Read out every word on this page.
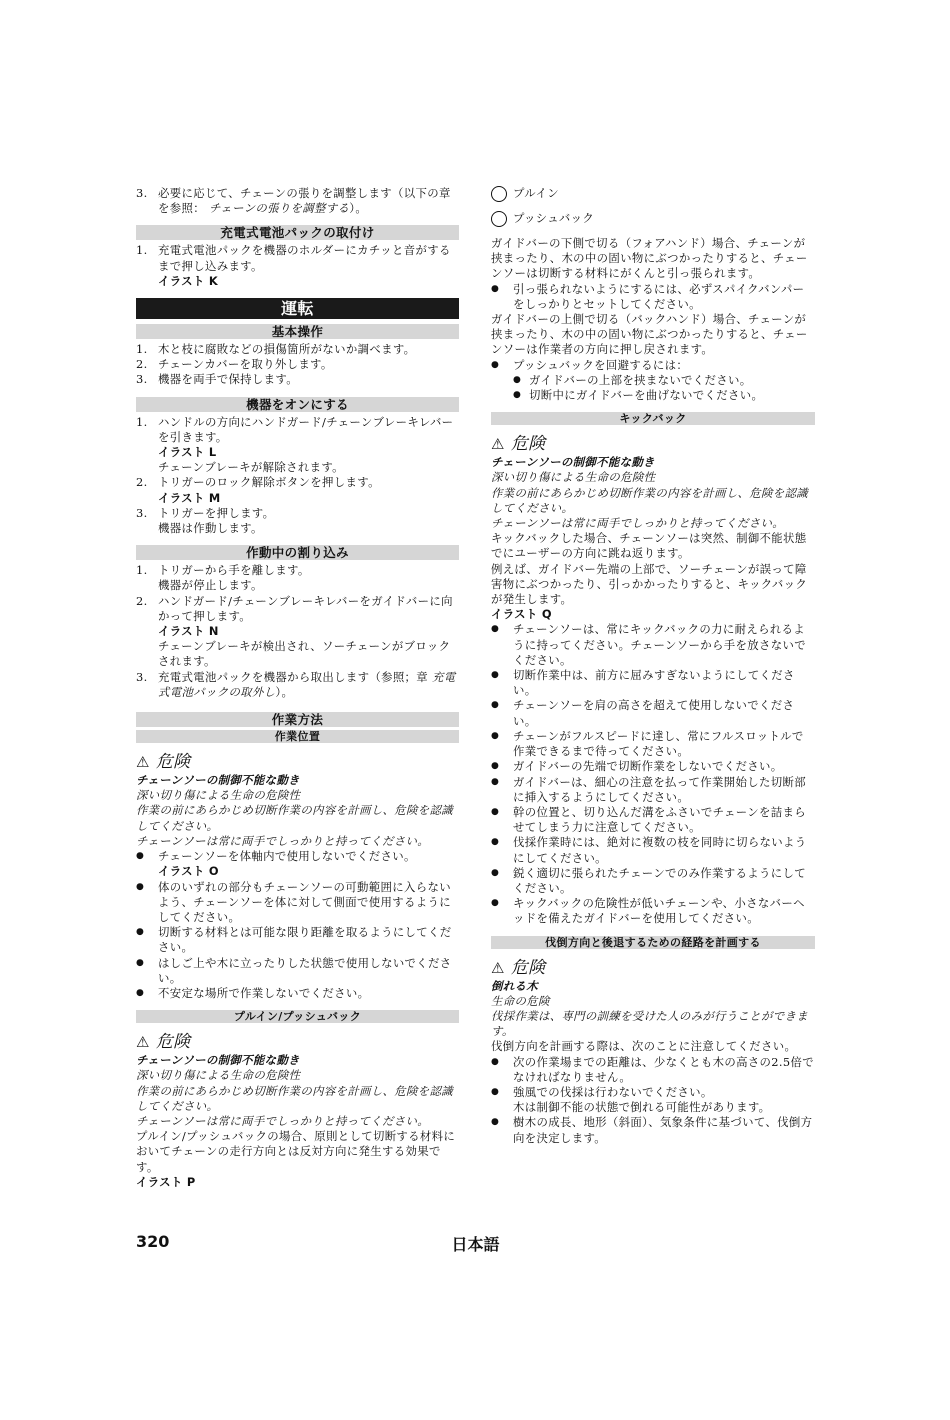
3. 必要に応じて、チェーンの張りを調整します（以下の章を参照： チェーンの張りを調整する）。
充電式電池パックの取付け
1. 充電式電池パックを機器のホルダーにカチッと音がするまで押し込みます。
イラスト K
運転
基本操作
1. 木と枝に腐敗などの損傷箇所がないか調べます。
2. チェーンカバーを取り外します。
3. 機器を両手で保持します。
機器をオンにする
1. ハンドルの方向にハンドガード/チェーンブレーキレバーを引きます。
イラスト L
チェーンブレーキが解除されます。
2. トリガーのロック解除ボタンを押します。
イラスト M
3. トリガーを押します。
機器は作動します。
作動中の割り込み
1. トリガーから手を離します。
機器が停止します。
2. ハンドガード/チェーンブレーキレバーをガイドバーに向かって押します。
イラスト N
チェーンブレーキが検出され、ソーチェーンがブロックされます。
3. 充電式電池パックを機器から取出します（参照；章 充電式電池パックの取外し）。
作業方法
作業位置
⚠ 危険
チェーンソーの制御不能な動き
深い切り傷による生命の危険性
作業の前にあらかじめ切断作業の内容を計画し、危険を認識してください。
チェーンソーは常に両手でしっかりと持ってください。
●	チェーンソーを体軸内で使用しないでください。
イラスト O
●	体のいずれの部分もチェーンソーの可動範囲に入らないよう、チェーンソーを体に対して側面で使用するようにしてください。
●	切断する材料とは可能な限り距離を取るようにしてください。
●	はしご上や木に立ったりした状態で使用しないでください。
●	不安定な場所で作業しないでください。
プルイン/プッシュバック
⚠ 危険
チェーンソーの制御不能な動き
深い切り傷による生命の危険性
作業の前にあらかじめ切断作業の内容を計画し、危険を認識してください。
チェーンソーは常に両手でしっかりと持ってください。
プルイン/プッシュバックの場合、原則として切断する材料においてチェーンの走行方向とは反対方向に発生する効果です。
イラスト P
プルイン
プッシュバック
ガイドバーの下側で切る（フォアハンド）場合、チェーンが挟まったり、木の中の固い物にぶつかったりすると、チェーンソーは切断する材料にがくんと引っ張られます。
●	引っ張られないようにするには、必ずスパイクバンパーをしっかりとセットしてください。
ガイドバーの上側で切る（バックハンド）場合、チェーンが挟まったり、木の中の固い物にぶつかったりすると、チェーンソーは作業者の方向に押し戻されます。
●	プッシュバックを回避するには：
● ガイドバーの上部を挟まないでください。
● 切断中にガイドバーを曲げないでください。
キックバック
⚠ 危険
チェーンソーの制御不能な動き
深い切り傷による生命の危険性
作業の前にあらかじめ切断作業の内容を計画し、危険を認識してください。
チェーンソーは常に両手でしっかりと持ってください。
キックバックした場合、チェーンソーは突然、制御不能状態でにユーザーの方向に跳ね返ります。
例えば、ガイドバー先端の上部で、ソーチェーンが誤って障害物にぶつかったり、引っかかったりすると、キックバックが発生します。
イラスト Q
●	チェーンソーは、常にキックバックの力に耐えられるように持ってください。チェーンソーから手を放さないでください。
●	切断作業中は、前方に屈みすぎないようにしてください。
●	チェーンソーを肩の高さを超えて使用しないでください。
●	チェーンがフルスピードに達し、常にフルスロットルで作業できるまで待ってください。
●	ガイドバーの先端で切断作業をしないでください。
●	ガイドバーは、細心の注意を払って作業開始した切断部に挿入するようにしてください。
●	幹の位置と、切り込んだ溝をふさいでチェーンを詰まらせてしまう力に注意してください。
●	伐採作業時には、絶対に複数の枝を同時に切らないようにしてください。
●	鋭く適切に張られたチェーンでのみ作業するようにしてください。
●	キックバックの危険性が低いチェーンや、小さなバーヘッドを備えたガイドバーを使用してください。
伐倒方向と後退するための経路を計画する
⚠ 危険
倒れる木
生命の危険
伐採作業は、専門の訓練を受けた人のみが行うことができます。
伐倒方向を計画する際は、次のことに注意してください。
●	次の作業場までの距離は、少なくとも木の高さの2.5倍でなければなりません。
●	強風での伐採は行わないでください。
木は制御不能の状態で倒れる可能性があります。
●	樹木の成長、地形（斜面）、気象条件に基づいて、伐倒方向を決定します。
320	日本語
